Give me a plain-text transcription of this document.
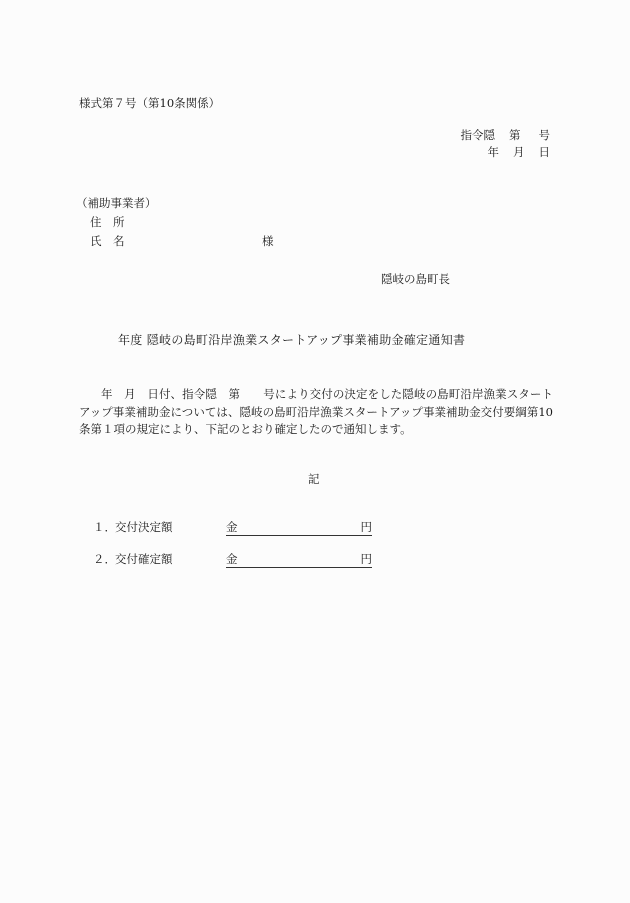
様式第７号（第10条関係）
指令隠 第 号
年 月 日
（補助事業者）
住　所
氏　名	様
隠岐の島町長
年度 隠岐の島町沿岸漁業スタートアップ事業補助金確定通知書

年　月　日付、指令隠　第　　号により交付の決定をした隠岐の島町沿岸漁業スタートアップ事業補助金については、隠岐の島町沿岸漁業スタートアップ事業補助金交付要綱第10条第１項の規定により、下記のとおり確定したので通知します。

記
１．交付決定額	金	円
２．交付確定額	金	円
